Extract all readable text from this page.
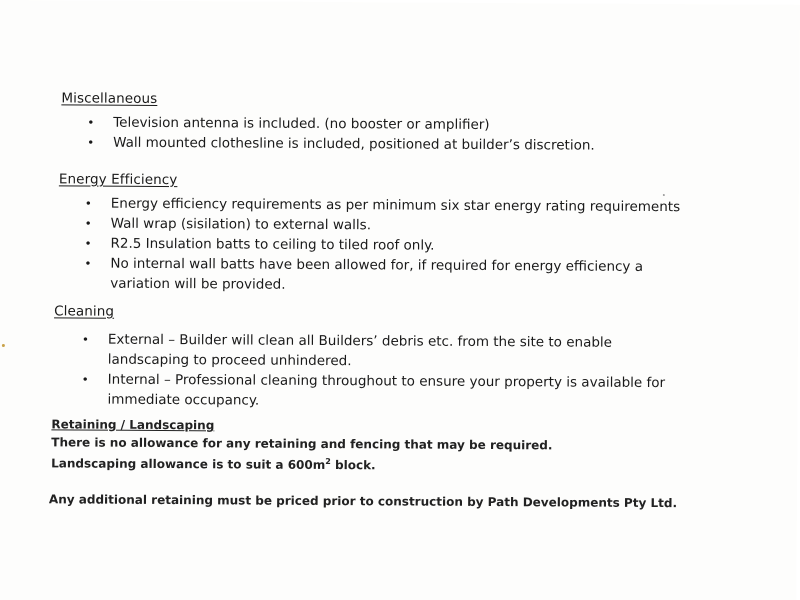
Miscellaneous
•	Television antenna is included. (no booster or amplifier)
•	Wall mounted clothesline is included, positioned at builder’s discretion.
Energy Efficiency
•	Energy efficiency requirements as per minimum six star energy rating requirements
•	Wall wrap (sisilation) to external walls.
•	R2.5 Insulation batts to ceiling to tiled roof only.
•	No internal wall batts have been allowed for, if required for energy efficiency a variation will be provided.
Cleaning
•	External – Builder will clean all Builders’ debris etc. from the site to enable landscaping to proceed unhindered.
•	Internal – Professional cleaning throughout to ensure your property is available for immediate occupancy.
Retaining / Landscaping
There is no allowance for any retaining and fencing that may be required.
Landscaping allowance is to suit a $600m^2$ block.
Any additional retaining must be priced prior to construction by Path Developments Pty Ltd.
